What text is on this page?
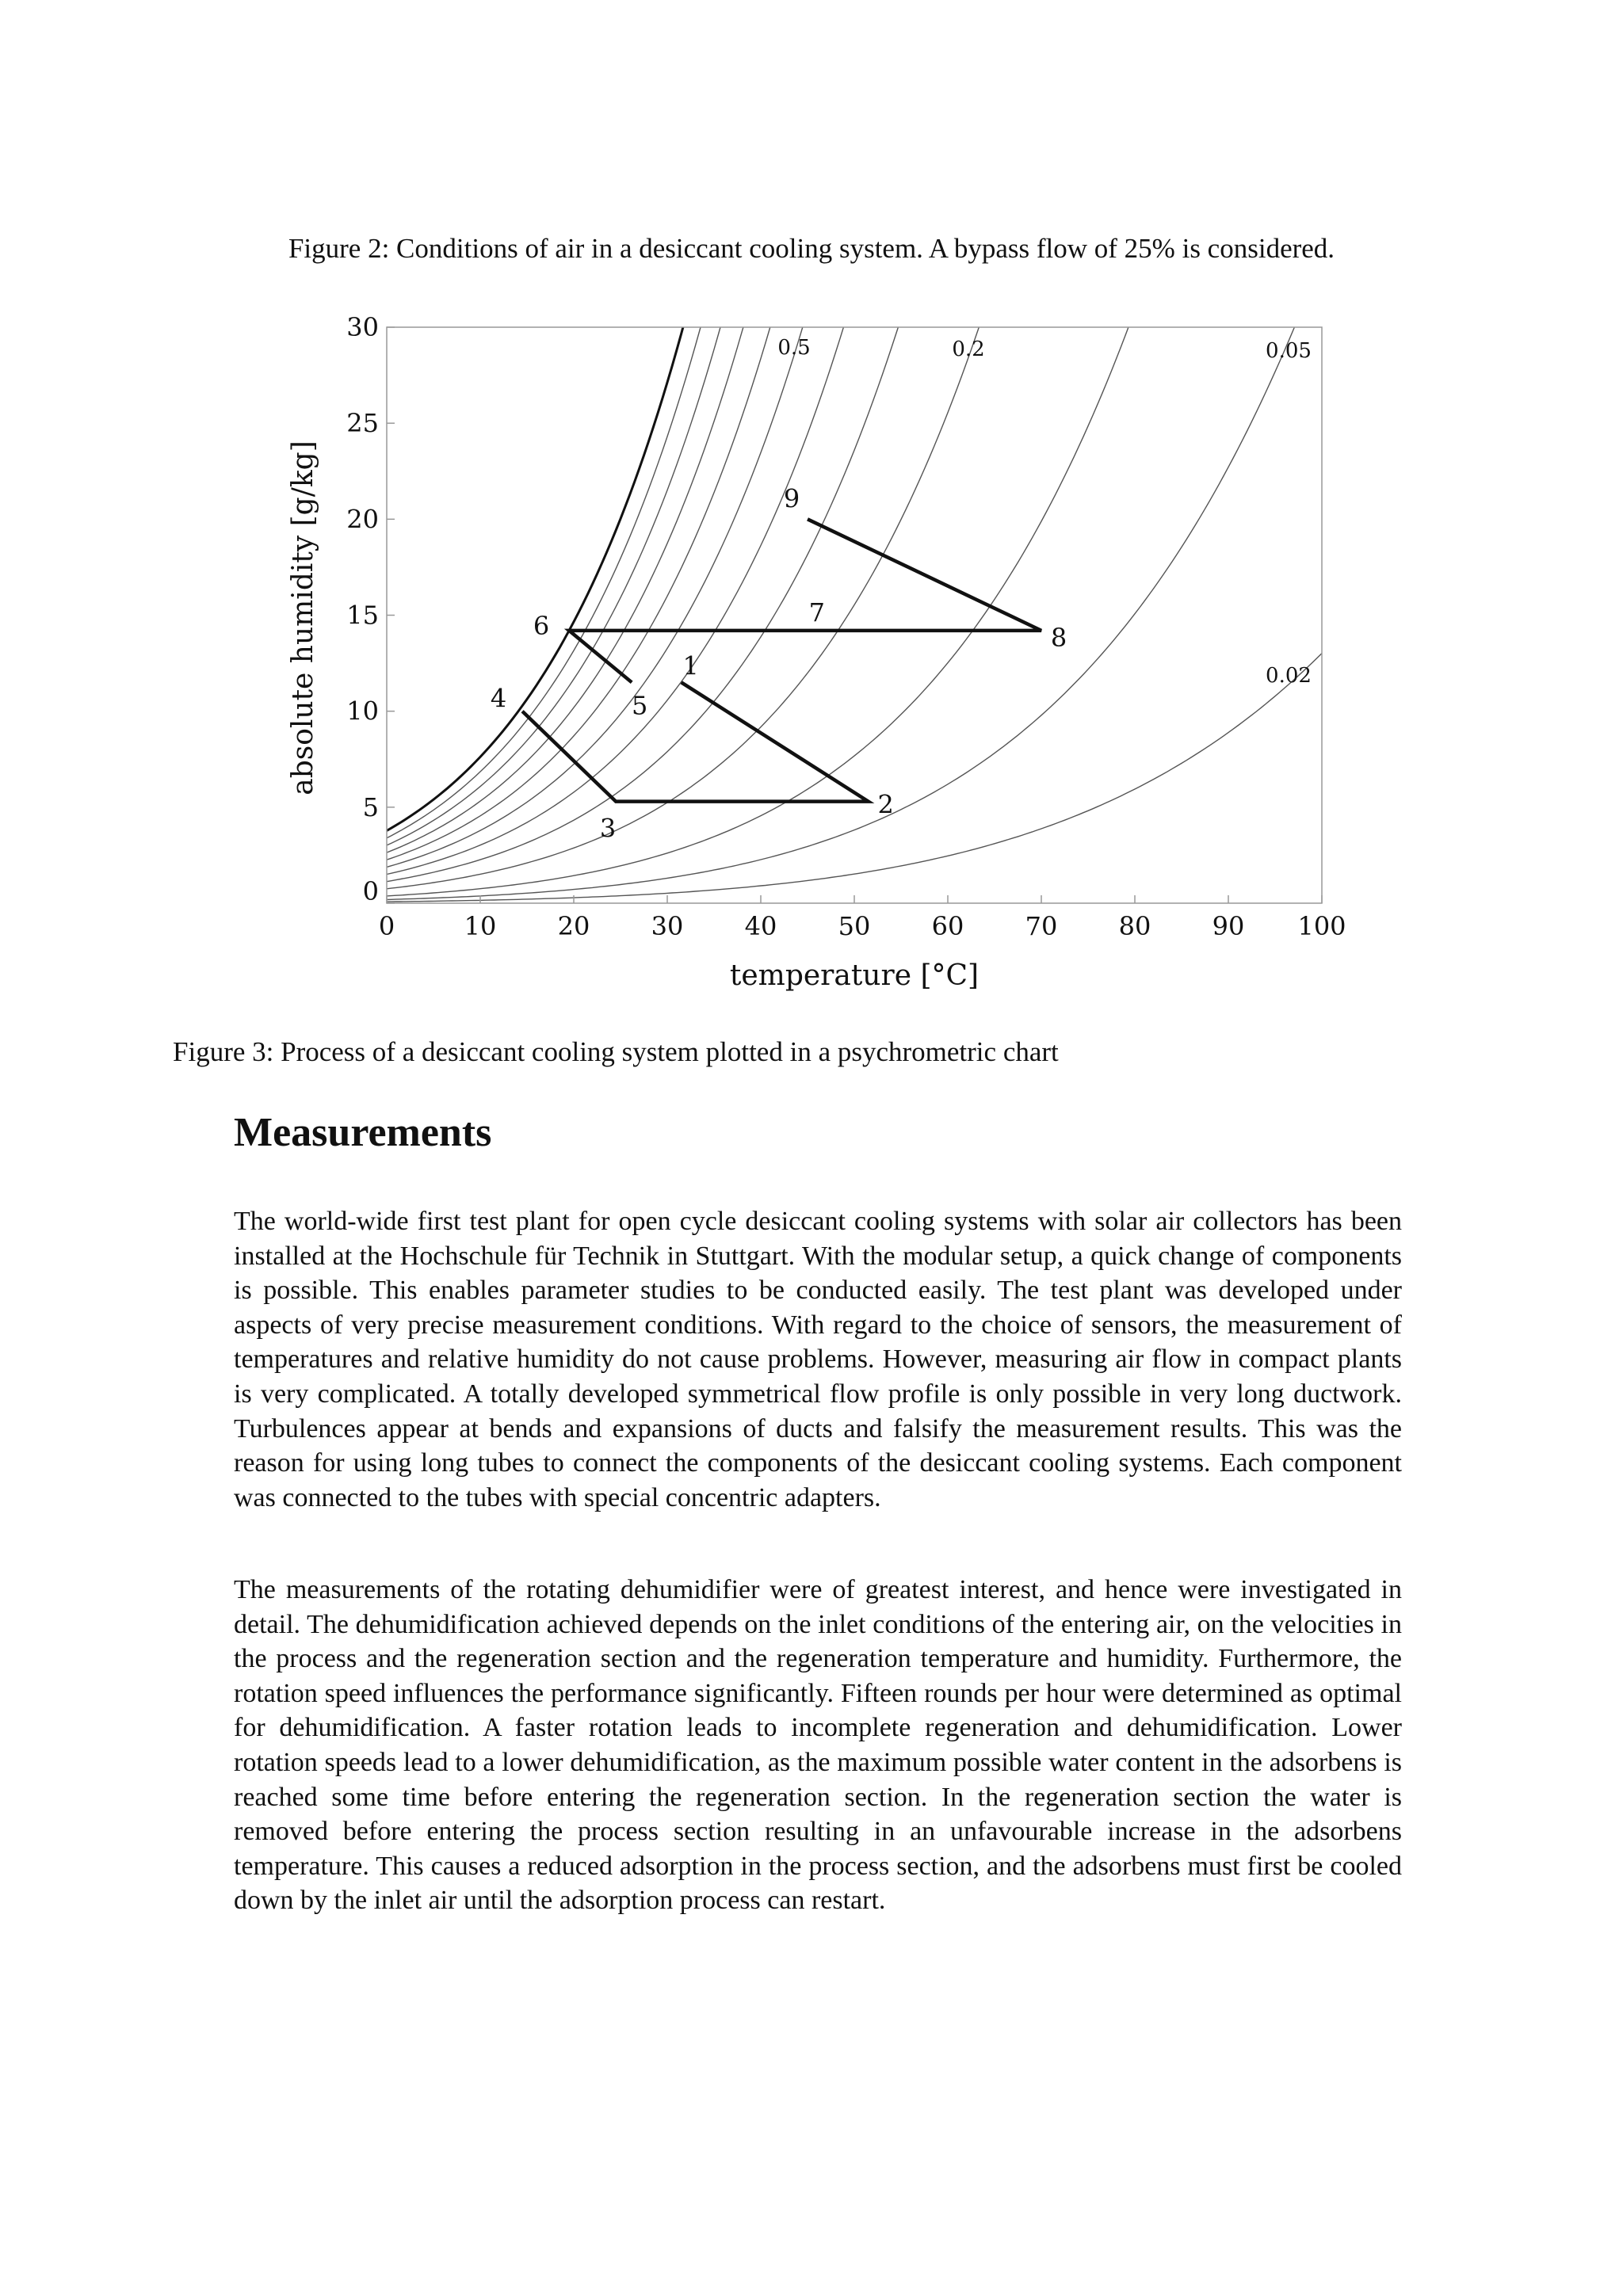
Figure 2: Conditions of air in a desiccant cooling system. A bypass flow of 25% is considered.
0	10 20 30 40 50 60 70 80 90 100
0
5
10
15
20
25
30
1
2
3
4	5
6	7
8
9
0.5	0.2	0.05
0.02
temperature [°C]
absolute humidity [g/kg]
Figure 3: Process of a desiccant cooling system plotted in a psychrometric chart
Measurements

The world-wide first test plant for open cycle desiccant cooling systems with solar air collectors has been installed at the Hochschule für Technik in Stuttgart. With the modular setup, a quick change of components is possible. This enables parameter studies to be conducted easily. The test plant was developed under aspects of very precise measurement conditions. With regard to the choice of sensors, the measurement of temperatures and relative humidity do not cause problems. However, measuring air flow in compact plants is very complicated. A totally developed symmetrical flow profile is only possible in very long ductwork. Turbulences appear at bends and expansions of ducts and falsify the measurement results. This was the reason for using long tubes to connect the components of the desiccant cooling systems. Each component was connected to the tubes with special concentric adapters.

The measurements of the rotating dehumidifier were of greatest interest, and hence were investigated in detail. The dehumidification achieved depends on the inlet conditions of the entering air, on the velocities in the process and the regeneration section and the regeneration temperature and humidity. Furthermore, the rotation speed influences the performance significantly. Fifteen rounds per hour were determined as optimal for dehumidification. A faster rotation leads to incomplete regeneration and dehumidification. Lower rotation speeds lead to a lower dehumidification, as the maximum possible water content in the adsorbens is reached some time before entering the regeneration section. In the regeneration section the water is removed before entering the process section resulting in an unfavourable increase in the adsorbens temperature. This causes a reduced adsorption in the process section, and the adsorbens must first be cooled down by the inlet air until the adsorption process can restart.
